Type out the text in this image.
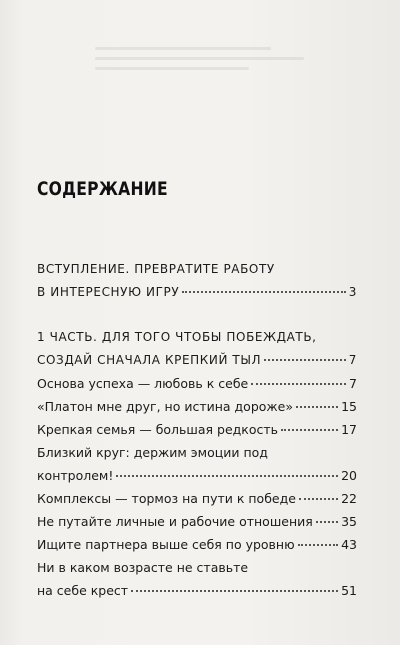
СОДЕРЖАНИЕ
ВСТУПЛЕНИЕ. ПРЕВРАТИТЕ РАБОТУ
В ИНТЕРЕСНУЮ ИГРУ	3
1 ЧАСТЬ. ДЛЯ ТОГО ЧТОБЫ ПОБЕЖДАТЬ,
СОЗДАЙ СНАЧАЛА КРЕПКИЙ ТЫЛ	7
Основа успеха — любовь к себе	7
«Платон мне друг, но истина дороже»	15
Крепкая семья — большая редкость	17
Близкий круг: держим эмоции под
контролем!	20
Комплексы — тормоз на пути к победе	22
Не путайте личные и рабочие отношения 35
Ищите партнера выше себя по уровню	43
Ни в каком возрасте не ставьте
на себе крест	51
